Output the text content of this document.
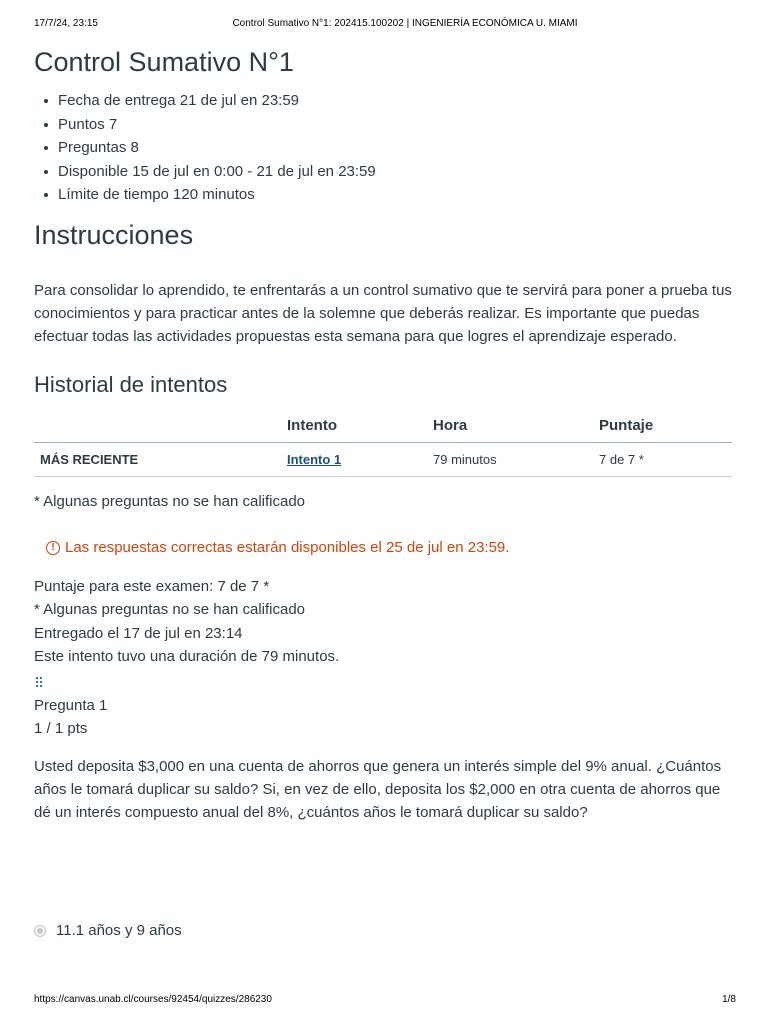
17/7/24, 23:15	Control Sumativo N°1: 202415.100202 | INGENIERÍA ECONÓMICA U. MIAMI
Control Sumativo N°1
Fecha de entrega 21 de jul en 23:59
Puntos 7
Preguntas 8
Disponible 15 de jul en 0:00 - 21 de jul en 23:59
Límite de tiempo 120 minutos
Instrucciones

Para consolidar lo aprendido, te enfrentarás a un control sumativo que te servirá para poner a prueba tus conocimientos y para practicar antes de la solemne que deberás realizar. Es importante que puedas efectuar todas las actividades propuestas esta semana para que logres el aprendizaje esperado.

Historial de intentos
	Intento	Hora	Puntaje
MÁS RECIENTE	Intento 1	79 minutos	7 de 7 *
* Algunas preguntas no se han calificado
! Las respuestas correctas estarán disponibles el 25 de jul en 23:59.
Puntaje para este examen: 7 de 7 *
* Algunas preguntas no se han calificado
Entregado el 17 de jul en 23:14
Este intento tuvo una duración de 79 minutos.
⠿
Pregunta 1
1 / 1 pts

Usted deposita $3,000 en una cuenta de ahorros que genera un interés simple del 9% anual. ¿Cuántos años le tomará duplicar su saldo? Si, en vez de ello, deposita los $2,000 en otra cuenta de ahorros que dé un interés compuesto anual del 8%, ¿cuántos años le tomará duplicar su saldo?

11.1 años y 9 años
https://canvas.unab.cl/courses/92454/quizzes/286230	1/8
